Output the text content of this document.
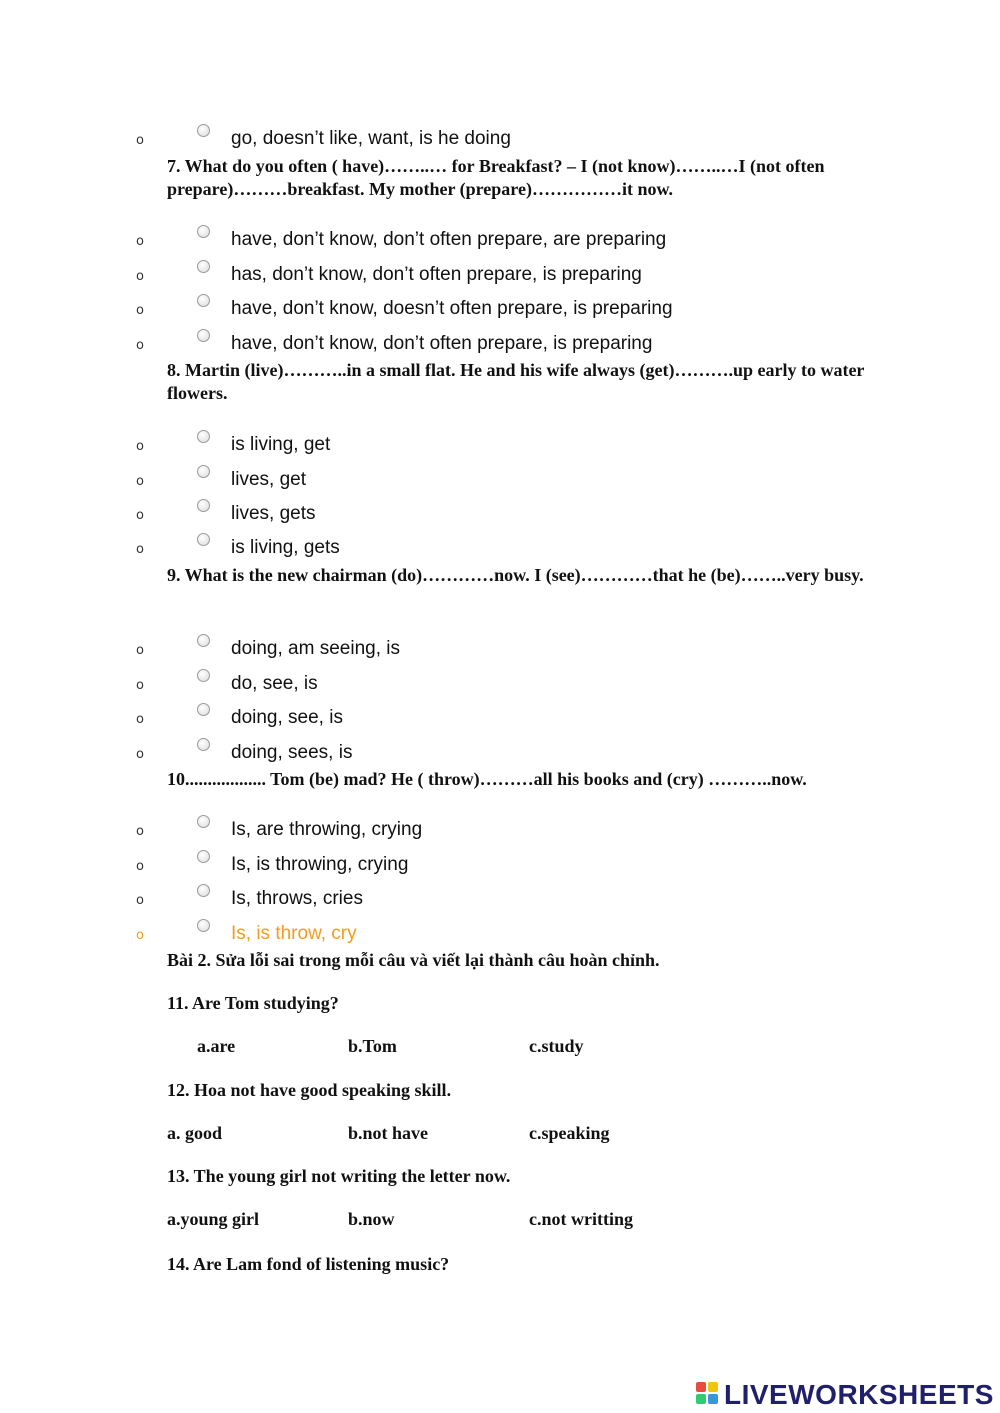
o	go, doesn’t like, want, is he doing
7. What do you often ( have)……..… for Breakfast? – I (not know)……..…I (not often prepare)………breakfast. My mother (prepare)……………it now.
o	have, don’t know, don’t often prepare, are preparing
o	has, don’t know, don’t often prepare, is preparing
o	have, don’t know, doesn’t often prepare, is preparing
o	have, don’t know, don’t often prepare, is preparing
8. Martin (live)………..in a small flat. He and his wife always (get)……….up early to water flowers.
o	is living, get
o	lives, get
o	lives, gets
o	is living, gets
9. What is the new chairman (do)…………now. I (see)…………that he (be)……..very busy.
o	doing, am seeing, is
o	do, see, is
o	doing, see, is
o	doing, sees, is
10.................. Tom (be) mad? He ( throw)………all his books and (cry) ………..now.
o	Is, are throwing, crying
o	Is, is throwing, crying
o	Is, throws, cries
o	Is, is throw, cry
Bài 2. Sửa lỗi sai trong mỗi câu và viết lại thành câu hoàn chỉnh.
11. Are Tom studying?
a.are	b.Tom	c.study
12. Hoa not have good speaking skill.
a. good	b.not have	c.speaking
13. The young girl not writing the letter now.
a.young girl	b.now	c.not writting
14. Are Lam fond of listening music?
LIVEWORKSHEETS
